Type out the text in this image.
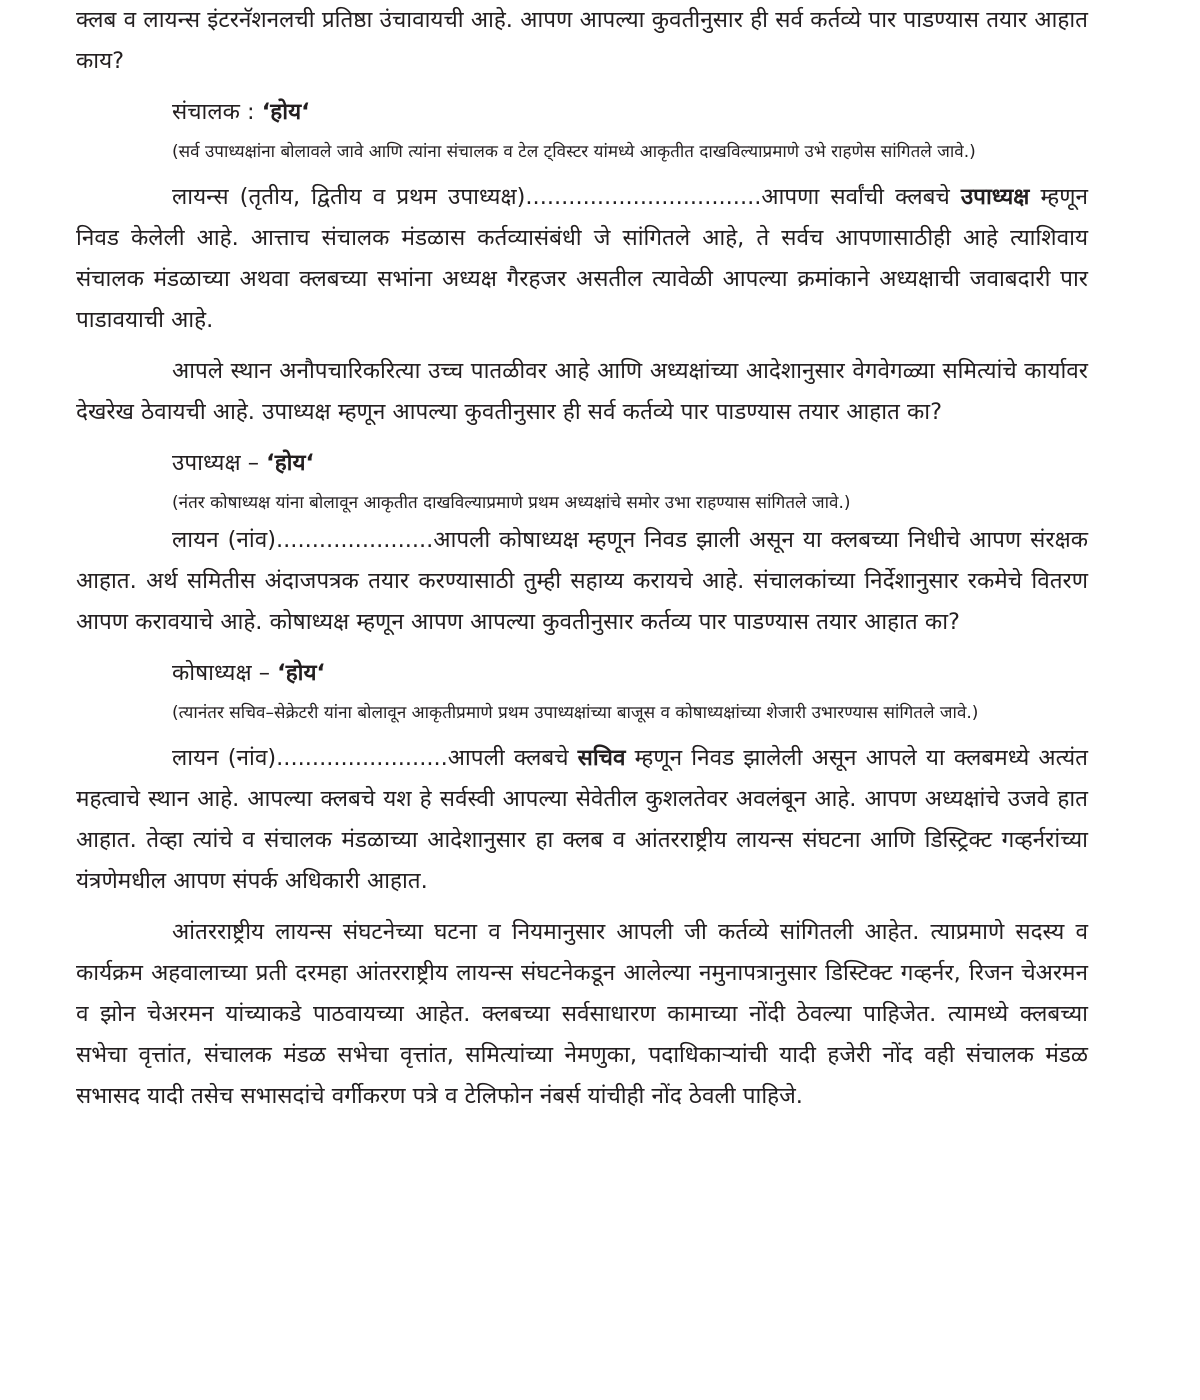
क्लब व लायन्स इंटरनॅशनलची प्रतिष्ठा उंचावायची आहे. आपण आपल्या कुवतीनुसार ही सर्व कर्तव्ये पार पाडण्यास तयार आहात काय?

संचालक : ‘होय‘

(सर्व उपाध्यक्षांना बोलावले जावे आणि त्यांना संचालक व टेल ट्विस्टर यांमध्ये आकृतीत दाखविल्याप्रमाणे उभे राहणेस सांगितले जावे.)

लायन्स (तृतीय, द्वितीय व प्रथम उपाध्यक्ष).................................आपणा सर्वांची क्लबचे उपाध्यक्ष म्हणून निवड केलेली आहे. आत्ताच संचालक मंडळास कर्तव्यासंबंधी जे सांगितले आहे, ते सर्वच आपणासाठीही आहे त्याशिवाय संचालक मंडळाच्या अथवा क्लबच्या सभांना अध्यक्ष गैरहजर असतील त्यावेळी आपल्या क्रमांकाने अध्यक्षाची जवाबदारी पार पाडावयाची आहे.

आपले स्थान अनौपचारिकरित्या उच्च पातळीवर आहे आणि अध्यक्षांच्या आदेशानुसार वेगवेगळ्या समित्यांचे कार्यावर देखरेख ठेवायची आहे. उपाध्यक्ष म्हणून आपल्या कुवतीनुसार ही सर्व कर्तव्ये पार पाडण्यास तयार आहात का?

उपाध्यक्ष – ‘होय‘

(नंतर कोषाध्यक्ष यांना बोलावून आकृतीत दाखविल्याप्रमाणे प्रथम अध्यक्षांचे समोर उभा राहण्यास सांगितले जावे.)

लायन (नांव)......................आपली कोषाध्यक्ष म्हणून निवड झाली असून या क्लबच्या निधीचे आपण संरक्षक आहात. अर्थ समितीस अंदाजपत्रक तयार करण्यासाठी तुम्ही सहाय्य करायचे आहे. संचालकांच्या निर्देशानुसार रकमेचे वितरण आपण करावयाचे आहे. कोषाध्यक्ष म्हणून आपण आपल्या कुवतीनुसार कर्तव्य पार पाडण्यास तयार आहात का?

कोषाध्यक्ष – ‘होय‘

(त्यानंतर सचिव–सेक्रेटरी यांना बोलावून आकृतीप्रमाणे प्रथम उपाध्यक्षांच्या बाजूस व कोषाध्यक्षांच्या शेजारी उभारण्यास सांगितले जावे.)

लायन (नांव)........................आपली क्लबचे सचिव म्हणून निवड झालेली असून आपले या क्लबमध्ये अत्यंत महत्वाचे स्थान आहे. आपल्या क्लबचे यश हे सर्वस्वी आपल्या सेवेतील कुशलतेवर अवलंबून आहे. आपण अध्यक्षांचे उजवे हात आहात. तेव्हा त्यांचे व संचालक मंडळाच्या आदेशानुसार हा क्लब व आंतरराष्ट्रीय लायन्स संघटना आणि डिस्ट्रिक्ट गव्हर्नरांच्या यंत्रणेमधील आपण संपर्क अधिकारी आहात.

आंतरराष्ट्रीय लायन्स संघटनेच्या घटना व नियमानुसार आपली जी कर्तव्ये सांगितली आहेत. त्याप्रमाणे सदस्य व कार्यक्रम अहवालाच्या प्रती दरमहा आंतरराष्ट्रीय लायन्स संघटनेकडून आलेल्या नमुनापत्रानुसार डिस्टिक्ट गव्हर्नर, रिजन चेअरमन व झोन चेअरमन यांच्याकडे पाठवायच्या आहेत. क्लबच्या सर्वसाधारण कामाच्या नोंदी ठेवल्या पाहिजेत. त्यामध्ये क्लबच्या सभेचा वृत्तांत, संचालक मंडळ सभेचा वृत्तांत, समित्यांच्या नेमणुका, पदाधिकाऱ्यांची यादी हजेरी नोंद वही संचालक मंडळ सभासद यादी तसेच सभासदांचे वर्गीकरण पत्रे व टेलिफोन नंबर्स यांचीही नोंद ठेवली पाहिजे.
